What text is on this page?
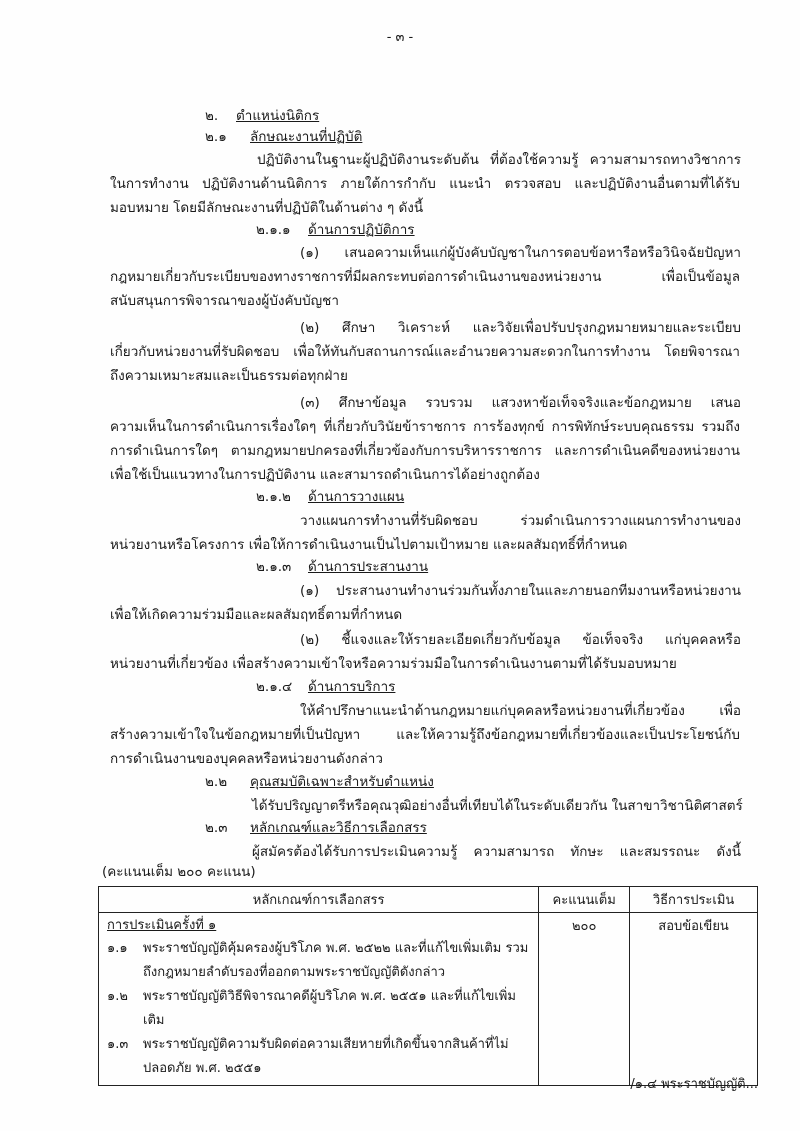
- ๓ -
๒. ตำแหน่งนิติกร
๒.๑ ลักษณะงานที่ปฏิบัติ
ปฏิบัติงานในฐานะผู้ปฏิบัติงานระดับต้น ที่ต้องใช้ความรู้ ความสามารถทางวิชาการ
ในการทำงาน ปฏิบัติงานด้านนิติการ ภายใต้การกำกับ แนะนำ ตรวจสอบ และปฏิบัติงานอื่นตามที่ได้รับ
มอบหมาย โดยมีลักษณะงานที่ปฏิบัติในด้านต่าง ๆ ดังนี้
๒.๑.๑ ด้านการปฏิบัติการ
(๑) เสนอความเห็นแก่ผู้บังคับบัญชาในการตอบข้อหารือหรือวินิจฉัยปัญหา
กฎหมายเกี่ยวกับระเบียบของทางราชการที่มีผลกระทบต่อการดำเนินงานของหน่วยงาน เพื่อเป็นข้อมูล
สนับสนุนการพิจารณาของผู้บังคับบัญชา
(๒) ศึกษา วิเคราะห์ และวิจัยเพื่อปรับปรุงกฎหมายหมายและระเบียบ
เกี่ยวกับหน่วยงานที่รับผิดชอบ เพื่อให้ทันกับสถานการณ์และอำนวยความสะดวกในการทำงาน โดยพิจารณา
ถึงความเหมาะสมและเป็นธรรมต่อทุกฝ่าย
(๓) ศึกษาข้อมูล รวบรวม แสวงหาข้อเท็จจริงและข้อกฎหมาย เสนอ
ความเห็นในการดำเนินการเรื่องใดๆ ที่เกี่ยวกับวินัยข้าราชการ การร้องทุกข์ การพิทักษ์ระบบคุณธรรม รวมถึง
การดำเนินการใดๆ ตามกฎหมายปกครองที่เกี่ยวข้องกับการบริหารราชการ และการดำเนินคดีของหน่วยงาน
เพื่อใช้เป็นแนวทางในการปฏิบัติงาน และสามารถดำเนินการได้อย่างถูกต้อง
๒.๑.๒ ด้านการวางแผน
วางแผนการทำงานที่รับผิดชอบ ร่วมดำเนินการวางแผนการทำงานของ
หน่วยงานหรือโครงการ เพื่อให้การดำเนินงานเป็นไปตามเป้าหมาย และผลสัมฤทธิ์ที่กำหนด
๒.๑.๓ ด้านการประสานงาน
(๑) ประสานงานทำงานร่วมกันทั้งภายในและภายนอกทีมงานหรือหน่วยงาน
เพื่อให้เกิดความร่วมมือและผลสัมฤทธิ์ตามที่กำหนด
(๒) ชี้แจงและให้รายละเอียดเกี่ยวกับข้อมูล ข้อเท็จจริง แก่บุคคลหรือ
หน่วยงานที่เกี่ยวข้อง เพื่อสร้างความเข้าใจหรือความร่วมมือในการดำเนินงานตามที่ได้รับมอบหมาย
๒.๑.๔ ด้านการบริการ
ให้คำปรึกษาแนะนำด้านกฎหมายแก่บุคคลหรือหน่วยงานที่เกี่ยวข้อง เพื่อ
สร้างความเข้าใจในข้อกฎหมายที่เป็นปัญหา และให้ความรู้ถึงข้อกฎหมายที่เกี่ยวข้องและเป็นประโยชน์กับ
การดำเนินงานของบุคคลหรือหน่วยงานดังกล่าว
๒.๒ คุณสมบัติเฉพาะสำหรับตำแหน่ง
ได้รับปริญญาตรีหรือคุณวุฒิอย่างอื่นที่เทียบได้ในระดับเดียวกัน ในสาขาวิชานิติศาสตร์
๒.๓ หลักเกณฑ์และวิธีการเลือกสรร
ผู้สมัครต้องได้รับการประเมินความรู้ ความสามารถ ทักษะ และสมรรถนะ ดังนี้
(คะแนนเต็ม ๒๐๐ คะแนน)
หลักเกณฑ์การเลือกสรร	คะแนนเต็ม	วิธีการประเมิน

การประเมินครั้งที่ ๑
๑.๑	พระราชบัญญัติคุ้มครองผู้บริโภค พ.ศ. ๒๕๒๒ และที่แก้ไขเพิ่มเติม รวมถึงกฎหมายลำดับรองที่ออกตามพระราชบัญญัติดังกล่าว
๑.๒	พระราชบัญญัติวิธีพิจารณาคดีผู้บริโภค พ.ศ. ๒๕๕๑ และที่แก้ไขเพิ่มเติม
๑.๓	พระราชบัญญัติความรับผิดต่อความเสียหายที่เกิดขึ้นจากสินค้าที่ไม่ปลอดภัย พ.ศ. ๒๕๕๑
	๒๐๐	สอบข้อเขียน
/๑.๔ พระราชบัญญัติ...
